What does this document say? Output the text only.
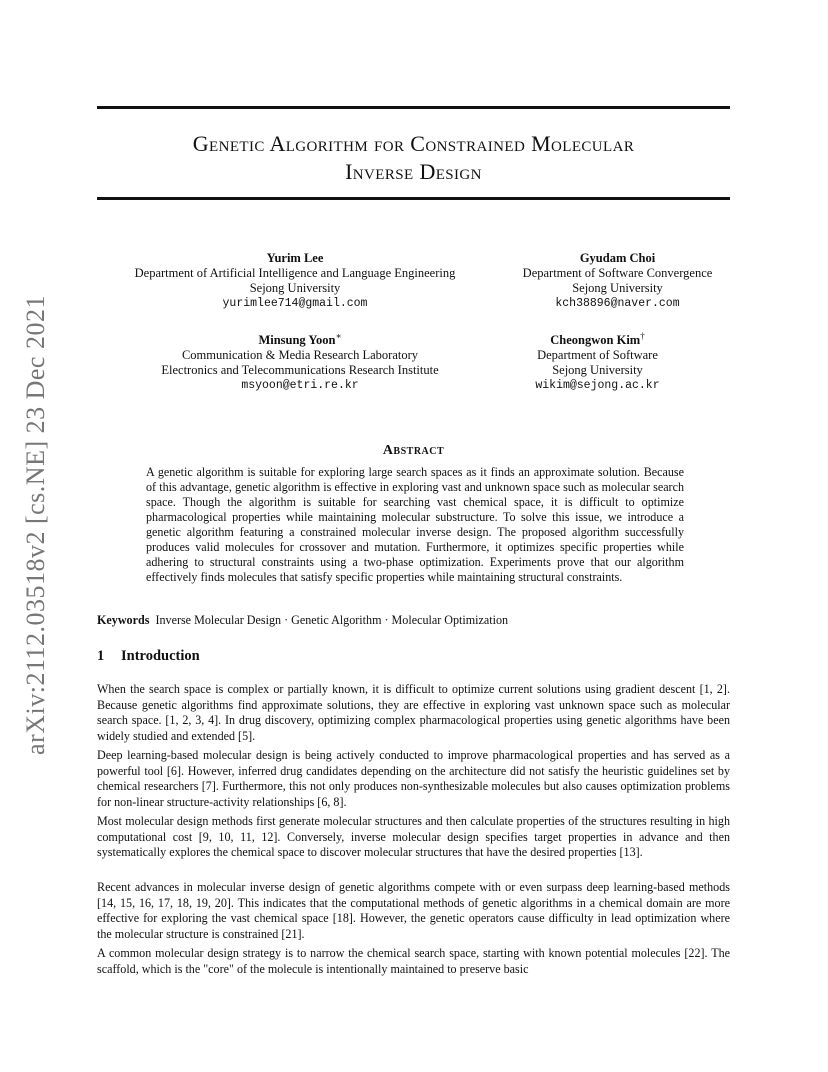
arXiv:2112.03518v2 [cs.NE] 23 Dec 2021
Genetic Algorithm for Constrained Molecular
Inverse Design
Yurim Lee
Department of Artificial Intelligence and Language Engineering
Sejong University
yurimlee714@gmail.com
Gyudam Choi
Department of Software Convergence
Sejong University
kch38896@naver.com
Minsung Yoon∗
Communication & Media Research Laboratory
Electronics and Telecommunications Research Institute
msyoon@etri.re.kr
Cheongwon Kim†
Department of Software
Sejong University
wikim@sejong.ac.kr
Abstract
A genetic algorithm is suitable for exploring large search spaces as it finds an approximate solution. Because of this advantage, genetic algorithm is effective in exploring vast and unknown space such as molecular search space. Though the algorithm is suitable for searching vast chemical space, it is difficult to optimize pharmacological properties while maintaining molecular substructure. To solve this issue, we introduce a genetic algorithm featuring a constrained molecular inverse design. The proposed algorithm successfully produces valid molecules for crossover and mutation. Furthermore, it optimizes specific properties while adhering to structural constraints using a two-phase optimization. Experiments prove that our algorithm effectively finds molecules that satisfy specific properties while maintaining structural constraints.
Keywords Inverse Molecular Design · Genetic Algorithm · Molecular Optimization
1 Introduction

When the search space is complex or partially known, it is difficult to optimize current solutions using gradient descent [1, 2]. Because genetic algorithms find approximate solutions, they are effective in exploring vast unknown space such as molecular search space. [1, 2, 3, 4]. In drug discovery, optimizing complex pharmacological properties using genetic algorithms have been widely studied and extended [5].

Deep learning-based molecular design is being actively conducted to improve pharmacological properties and has served as a powerful tool [6]. However, inferred drug candidates depending on the architecture did not satisfy the heuristic guidelines set by chemical researchers [7]. Furthermore, this not only produces non-synthesizable molecules but also causes optimization problems for non-linear structure-activity relationships [6, 8].

Most molecular design methods first generate molecular structures and then calculate properties of the structures resulting in high computational cost [9, 10, 11, 12]. Conversely, inverse molecular design specifies target properties in advance and then systematically explores the chemical space to discover molecular structures that have the desired properties [13].

Recent advances in molecular inverse design of genetic algorithms compete with or even surpass deep learning-based methods [14, 15, 16, 17, 18, 19, 20]. This indicates that the computational methods of genetic algorithms in a chemical domain are more effective for exploring the vast chemical space [18]. However, the genetic operators cause difficulty in lead optimization where the molecular structure is constrained [21].

A common molecular design strategy is to narrow the chemical search space, starting with known potential molecules [22]. The scaffold, which is the "core" of the molecule is intentionally maintained to preserve basic
